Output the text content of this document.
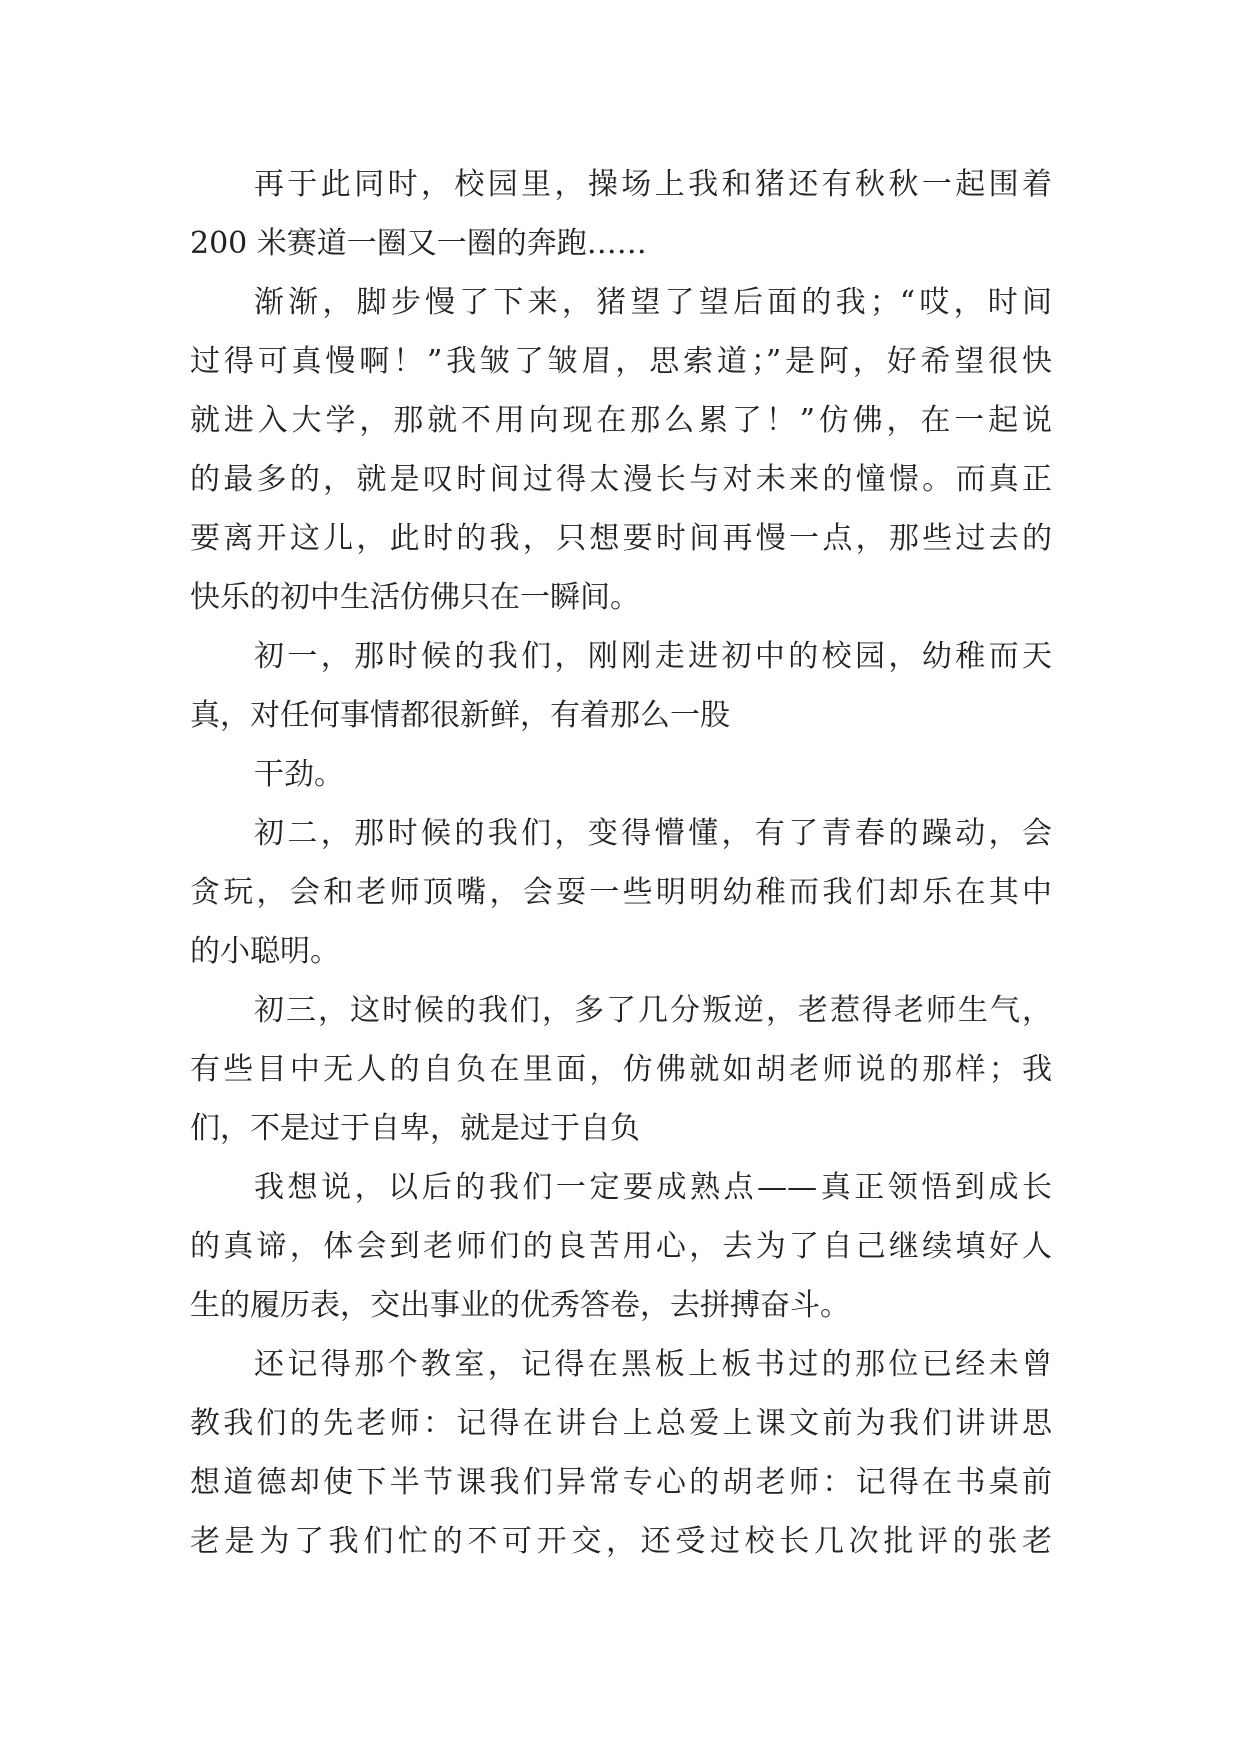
再于此同时，校园里，操场上我和猪还有秋秋一起围着
200 米赛道一圈又一圈的奔跑……
渐渐，脚步慢了下来，猪望了望后面的我；“哎，时间
过得可真慢啊！”我皱了皱眉，思索道；”是阿，好希望很快
就进入大学，那就不用向现在那么累了！”仿佛，在一起说
的最多的，就是叹时间过得太漫长与对未来的憧憬。而真正
要离开这儿，此时的我，只想要时间再慢一点，那些过去的
快乐的初中生活仿佛只在一瞬间。
初一，那时候的我们，刚刚走进初中的校园，幼稚而天
真，对任何事情都很新鲜，有着那么一股
干劲。
初二，那时候的我们，变得懵懂，有了青春的躁动，会
贪玩，会和老师顶嘴，会耍一些明明幼稚而我们却乐在其中
的小聪明。
初三，这时候的我们，多了几分叛逆，老惹得老师生气，
有些目中无人的自负在里面，仿佛就如胡老师说的那样；我
们，不是过于自卑，就是过于自负
我想说，以后的我们一定要成熟点——真正领悟到成长
的真谛，体会到老师们的良苦用心，去为了自己继续填好人
生的履历表，交出事业的优秀答卷，去拼搏奋斗。
还记得那个教室，记得在黑板上板书过的那位已经未曾
教我们的先老师：记得在讲台上总爱上课文前为我们讲讲思
想道德却使下半节课我们异常专心的胡老师：记得在书桌前
老是为了我们忙的不可开交，还受过校长几次批评的张老
